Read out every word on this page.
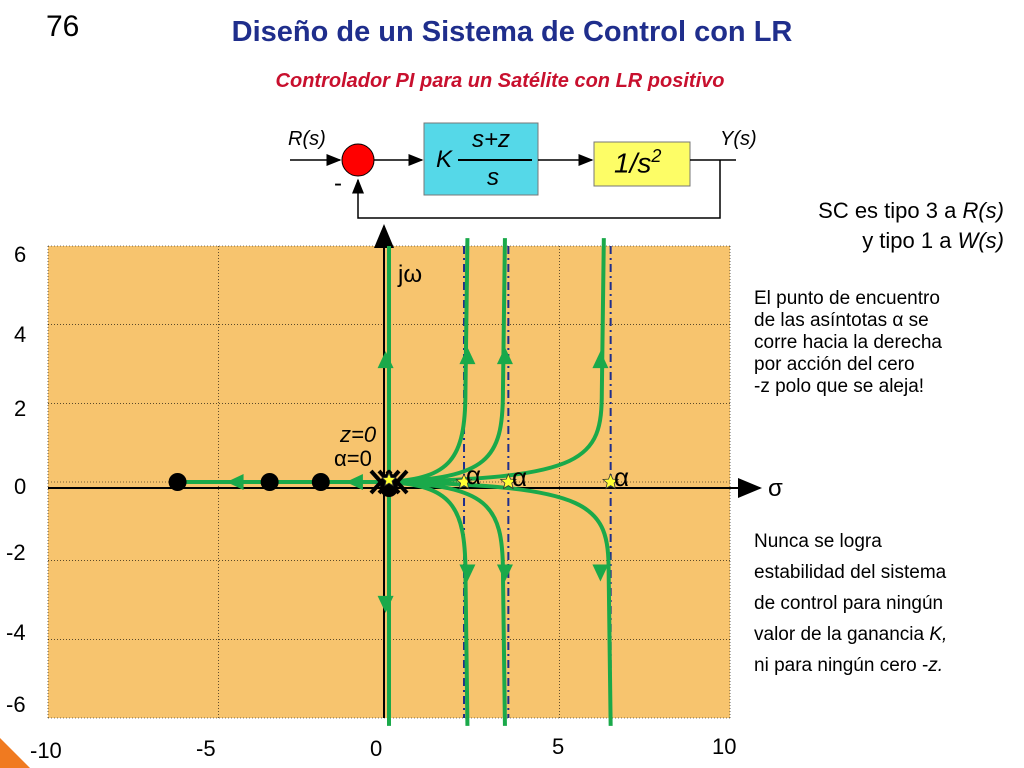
76	Diseño de un Sistema de Control con LR
Controlador PI para un Satélite con LR positivo
R(s)	Y(s)
-
K
s+z
s	$1/s^2$
SC es tipo 3 a R(s)
y tipo 1 a W(s)
El punto de encuentro
de las asíntotas α se
corre hacia la derecha
por acción del cero
-z polo que se aleja!
Nunca se logra
estabilidad del sistema
de control para ningún
valor de la ganancia K,
ni para ningún cero -z.
6
4
2
0
-2
-4
-6
-10	-5	0	5	10
jω
σ
z=0
α=0
α α	α
